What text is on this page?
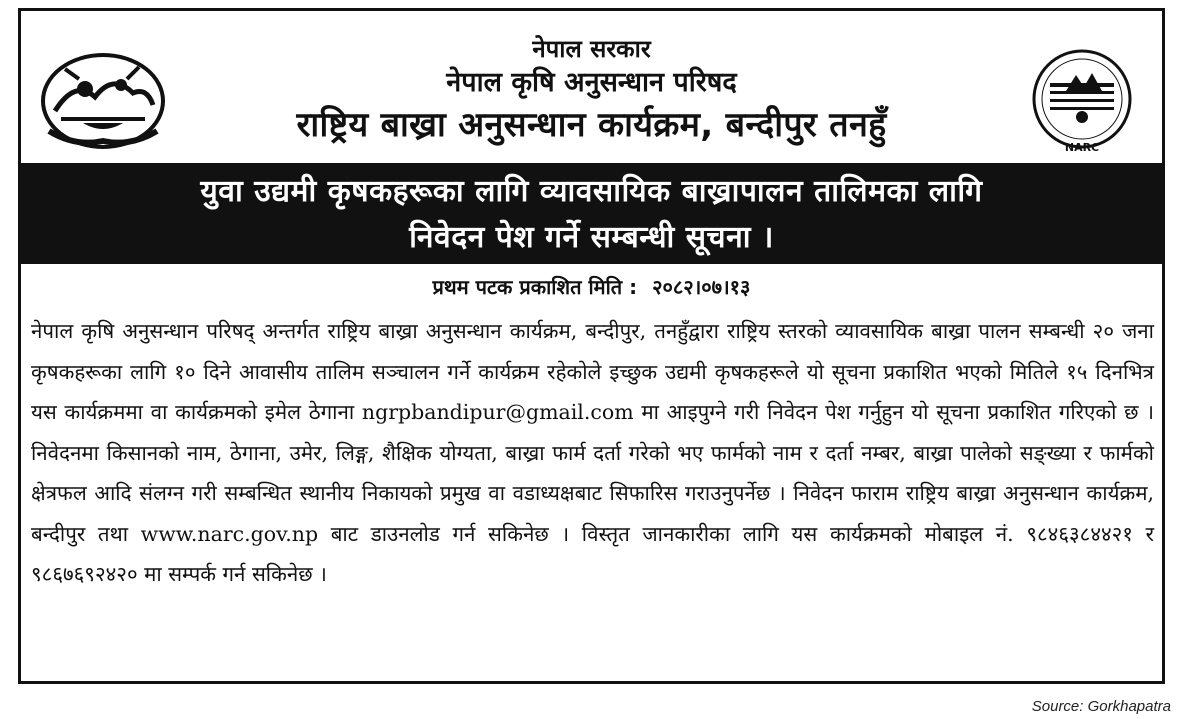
नेपाल सरकार
नेपाल कृषि अनुसन्धान परिषद
राष्ट्रिय बाख्रा अनुसन्धान कार्यक्रम, बन्दीपुर तनहुँ
NARC
युवा उद्यमी कृषकहरूका लागि व्यावसायिक बाख्रापालन तालिमका लागि
निवेदन पेश गर्ने सम्बन्धी सूचना ।
प्रथम पटक प्रकाशित मिति : २०८२।०७।१३
नेपाल कृषि अनुसन्धान परिषद् अन्तर्गत राष्ट्रिय बाख्रा अनुसन्धान कार्यक्रम, बन्दीपुर, तनहुँद्वारा राष्ट्रिय स्तरको व्यावसायिक बाख्रा पालन सम्बन्धी २० जना कृषकहरूका लागि १० दिने आवासीय तालिम सञ्चालन गर्ने कार्यक्रम रहेकोले इच्छुक उद्यमी कृषकहरूले यो सूचना प्रकाशित भएको मितिले १५ दिनभित्र यस कार्यक्रममा वा कार्यक्रमको इमेल ठेगाना ngrpbandipur@gmail.com मा आइपुग्ने गरी निवेदन पेश गर्नुहुन यो सूचना प्रकाशित गरिएको छ । निवेदनमा किसानको नाम, ठेगाना, उमेर, लिङ्ग, शैक्षिक योग्यता, बाख्रा फार्म दर्ता गरेको भए फार्मको नाम र दर्ता नम्बर, बाख्रा पालेको सङ्ख्या र फार्मको क्षेत्रफल आदि संलग्न गरी सम्बन्धित स्थानीय निकायको प्रमुख वा वडाध्यक्षबाट सिफारिस गराउनुपर्नेछ । निवेदन फाराम राष्ट्रिय बाख्रा अनुसन्धान कार्यक्रम, बन्दीपुर तथा www.narc.gov.np बाट डाउनलोड गर्न सकिनेछ । विस्तृत जानकारीका लागि यस कार्यक्रमको मोबाइल नं. ९८४६३८४४२१ र ९८६७६९२४२० मा सम्पर्क गर्न सकिनेछ ।
Source: Gorkhapatra
